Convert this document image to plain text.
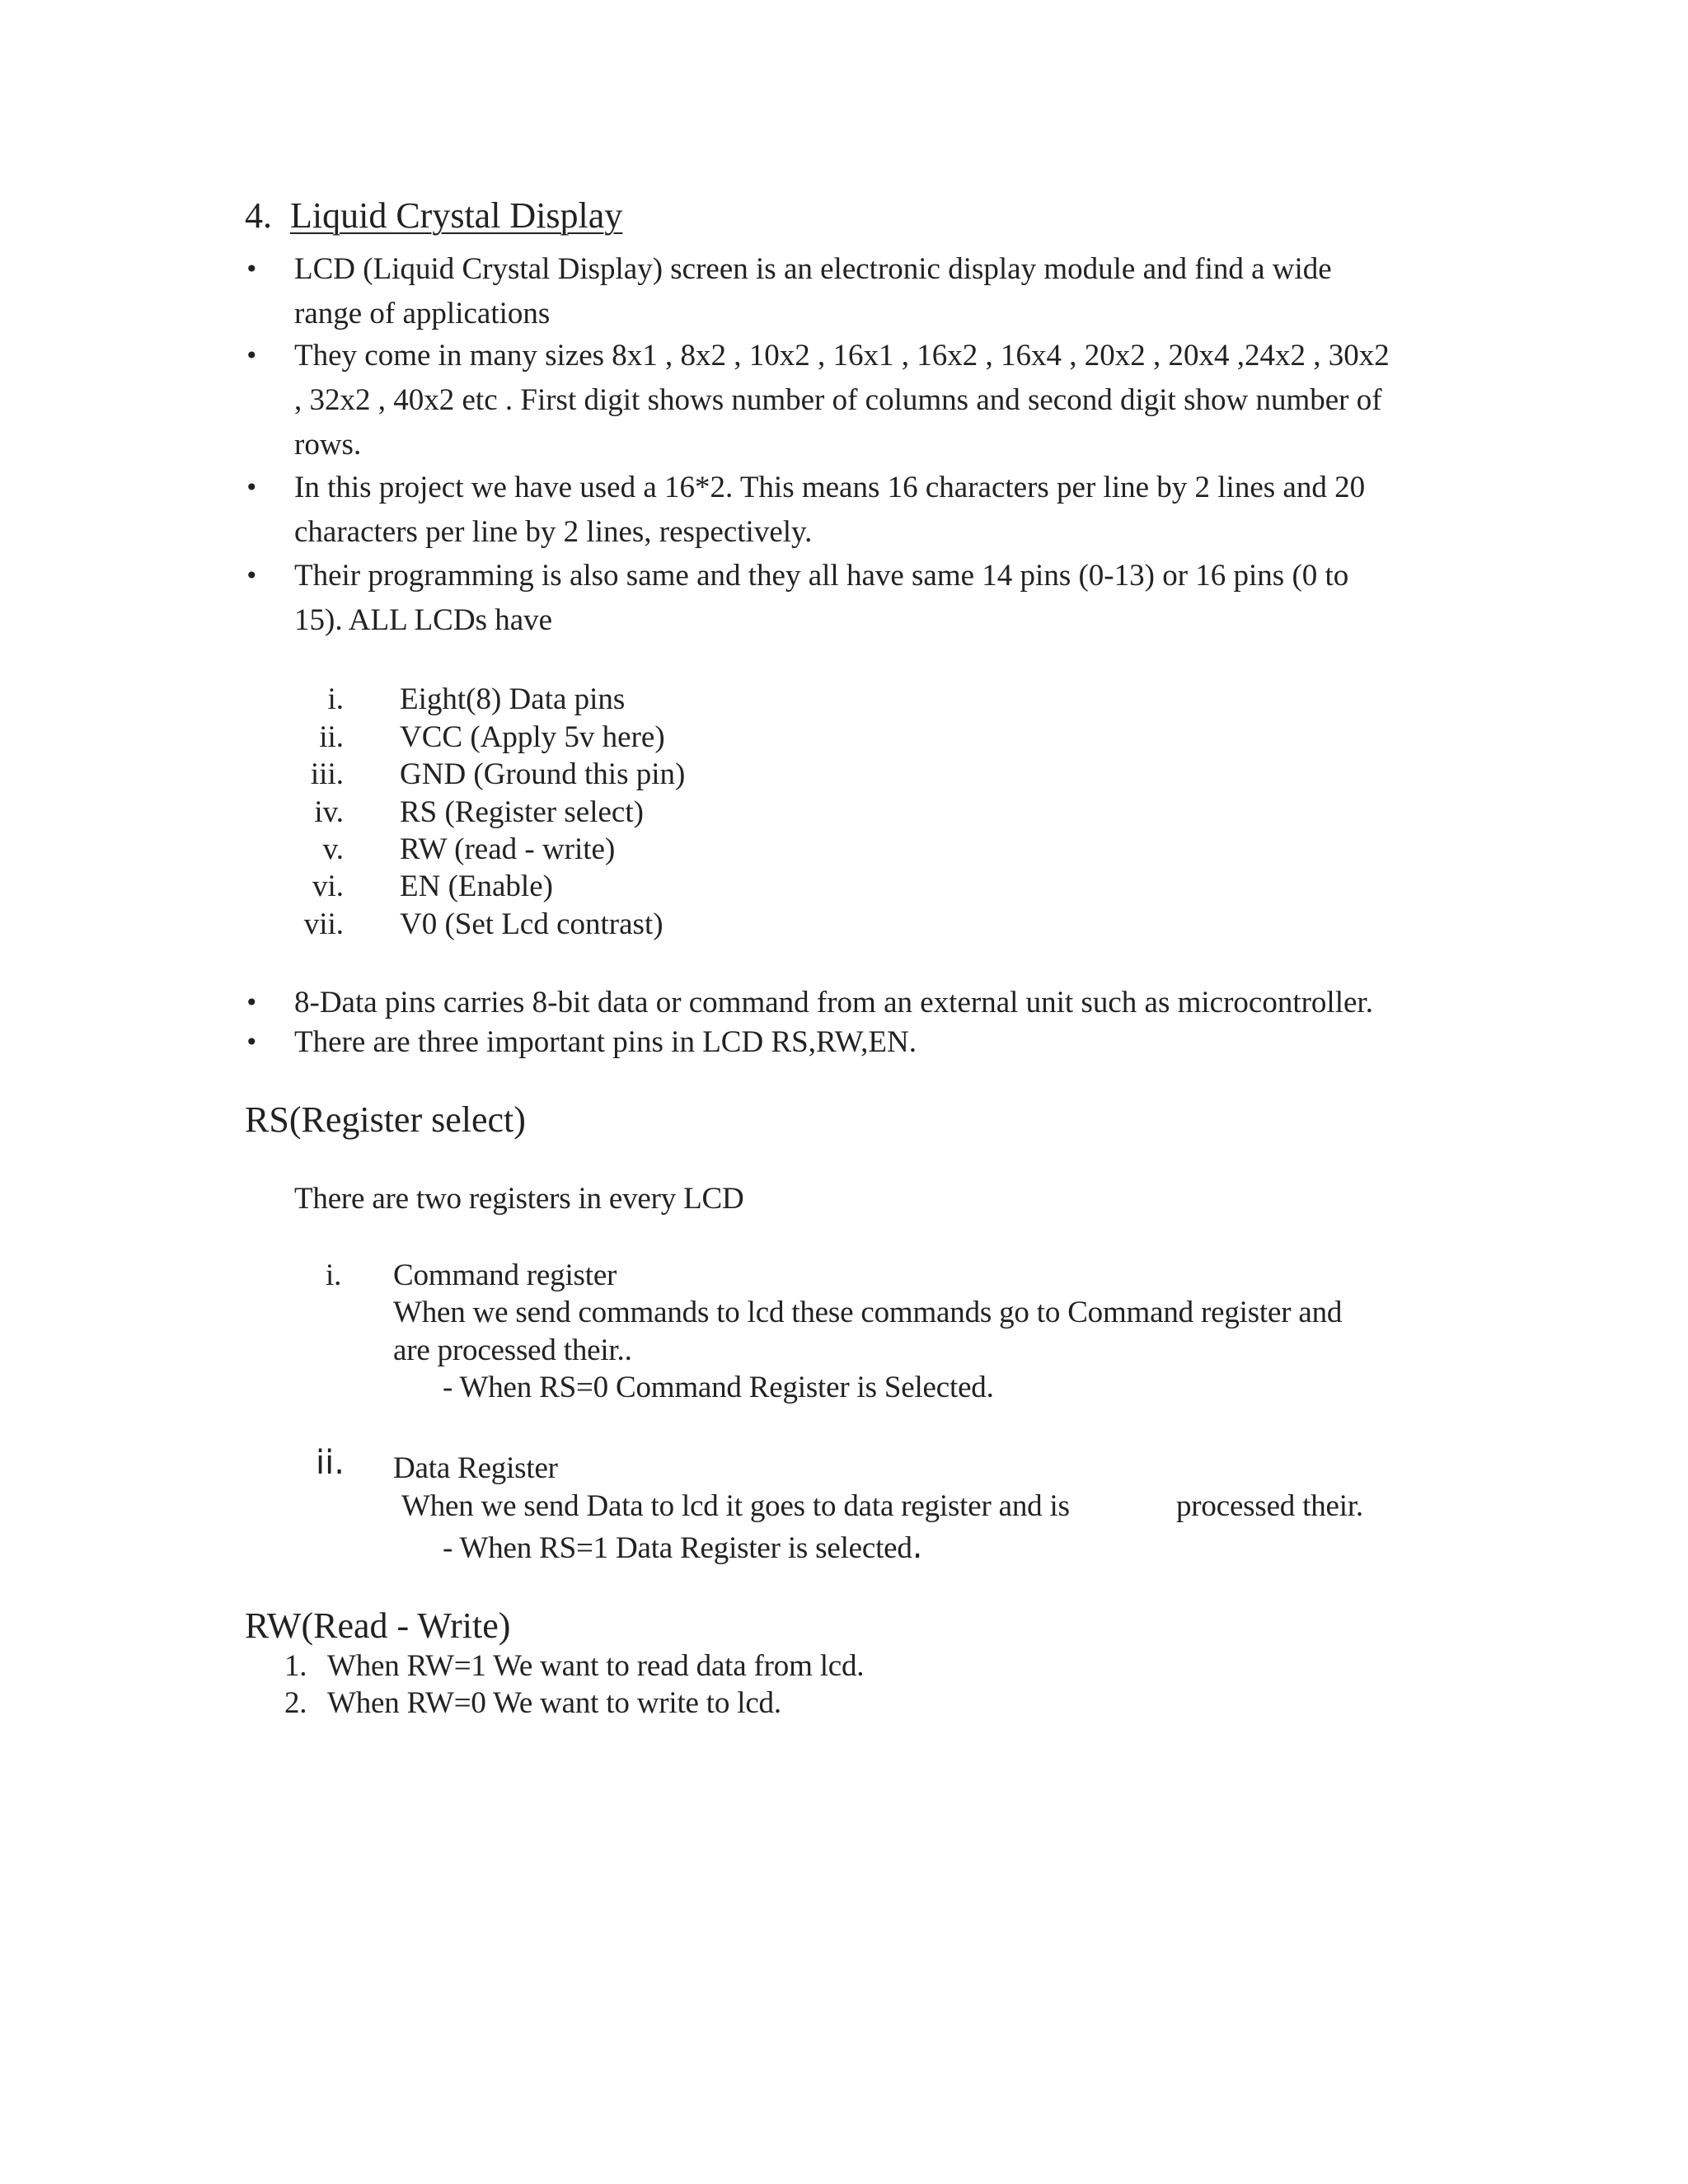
4. Liquid Crystal Display
• LCD (Liquid Crystal Display) screen is an electronic display module and find a wide
range of applications
• They come in many sizes 8x1 , 8x2 , 10x2 , 16x1 , 16x2 , 16x4 , 20x2 , 20x4 ,24x2 , 30x2
, 32x2 , 40x2 etc . First digit shows number of columns and second digit show number of
rows.
• In this project we have used a 16*2. This means 16 characters per line by 2 lines and 20
characters per line by 2 lines, respectively.
• Their programming is also same and they all have same 14 pins (0-13) or 16 pins (0 to
15). ALL LCDs have
i. Eight(8) Data pins
ii. VCC (Apply 5v here)
iii. GND (Ground this pin)
iv. RS (Register select)
v. RW (read - write)
vi. EN (Enable)
vii. V0 (Set Lcd contrast)
• 8-Data pins carries 8-bit data or command from an external unit such as microcontroller.
• There are three important pins in LCD RS,RW,EN.
RS(Register select)
There are two registers in every LCD
i. Command register
When we send commands to lcd these commands go to Command register and
are processed their..
- When RS=0 Command Register is Selected.
ii. Data Register
When we send Data to lcd it goes to data register and is	processed their.
- When RS=1 Data Register is selected.
RW(Read - Write)
1. When RW=1 We want to read data from lcd.
2. When RW=0 We want to write to lcd.
